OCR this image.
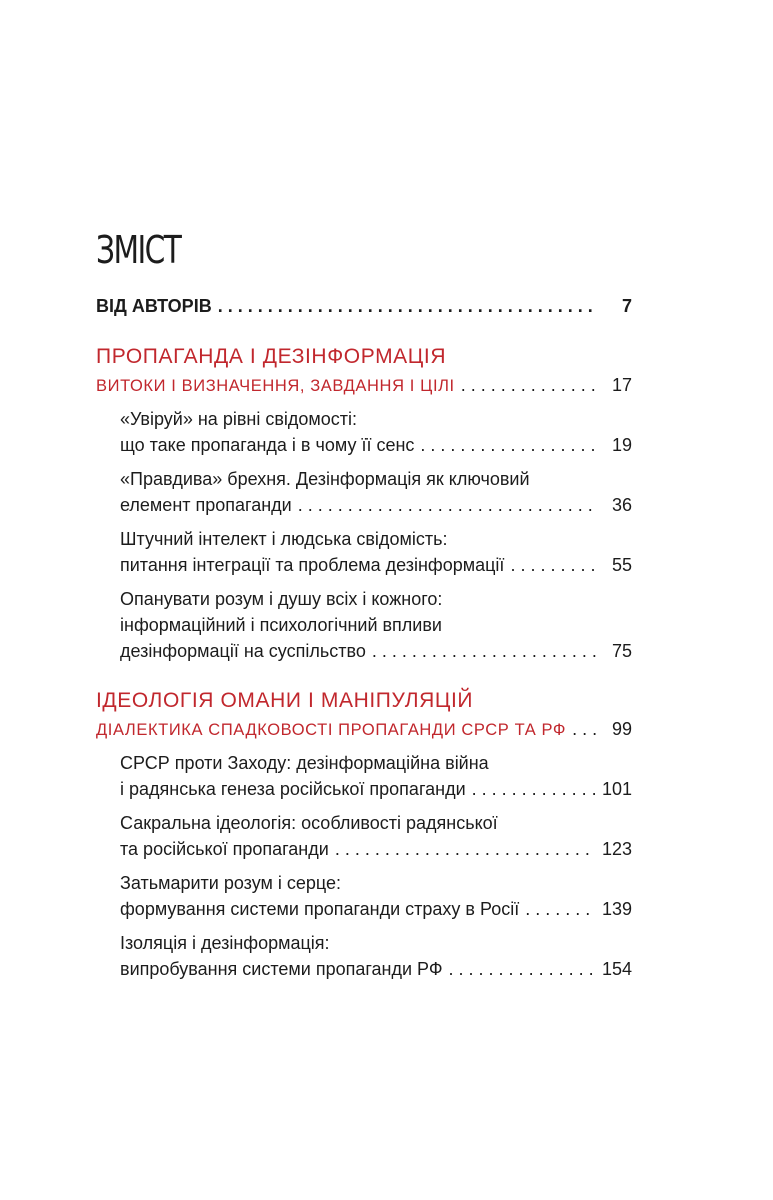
ЗМІСТ
ВІД АВТОРІВ . . .	7
ПРОПАГАНДА І ДЕЗІНФОРМАЦІЯ
ВИТОКИ І ВИЗНАЧЕННЯ, ЗАВДАННЯ І ЦІЛІ . . .	17
«Увіруй» на рівні свідомості:
що таке пропаганда і в чому її сенс . . .	19
«Правдива» брехня. Дезінформація як ключовий
елемент пропаганди . . .	36
Штучний інтелект і людська свідомість:
питання інтеграції та проблема дезінформації . . .	55
Опанувати розум і душу всіх і кожного:
інформаційний і психологічний впливи
дезінформації на суспільство . . .	75
ІДЕОЛОГІЯ ОМАНИ І МАНІПУЛЯЦІЙ
ДІАЛЕКТИКА СПАДКОВОСТІ ПРОПАГАНДИ СРСР ТА РФ . . .	99
СРСР проти Заходу: дезінформаційна війна
і радянська генеза російської пропаганди . . .	101
Сакральна ідеологія: особливості радянської
та російської пропаганди . . .	123
Затьмарити розум і серце:
формування системи пропаганди страху в Росії . . .	139
Ізоляція і дезінформація:
випробування системи пропаганди РФ . . .	154
